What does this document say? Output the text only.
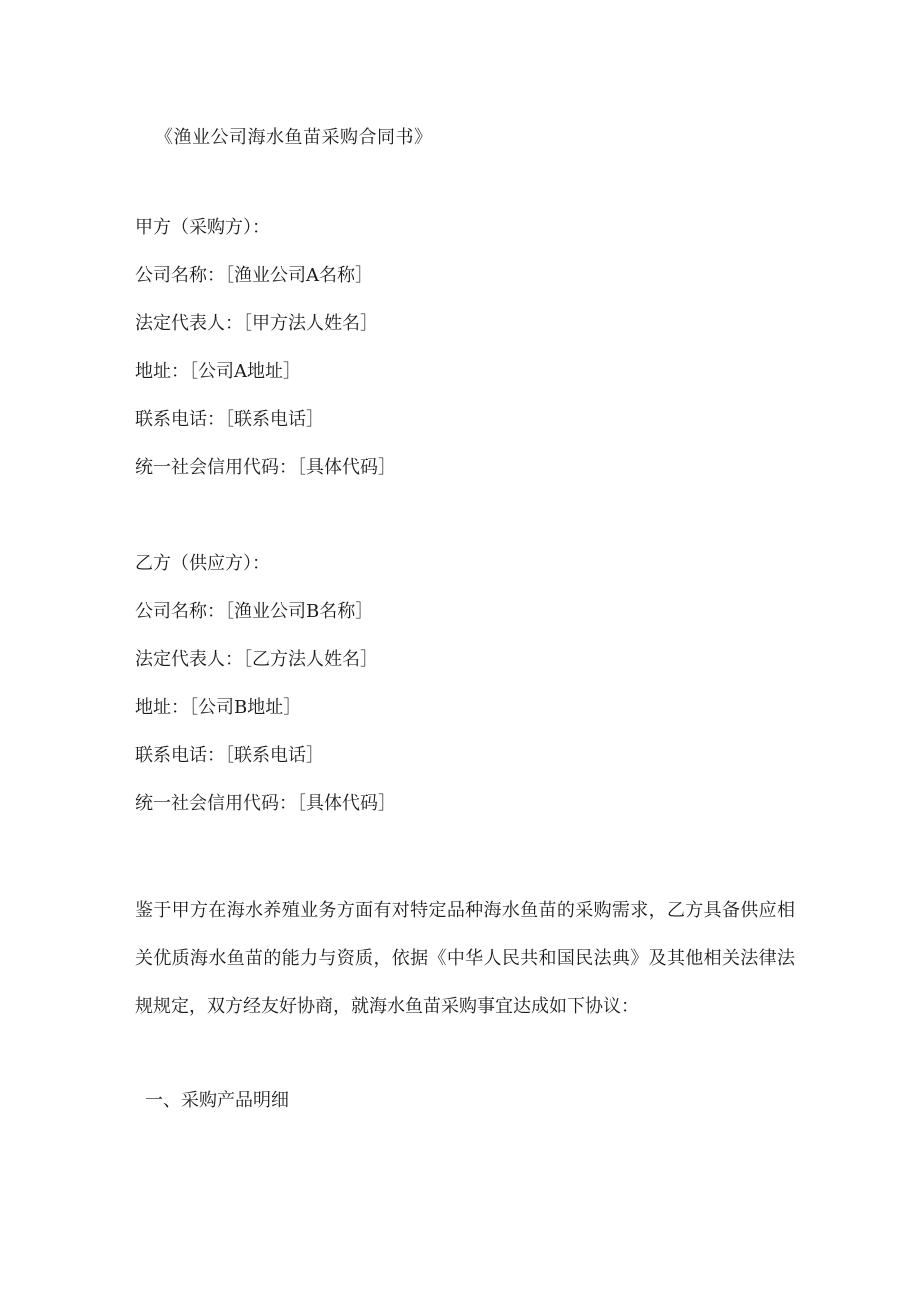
《渔业公司海水鱼苗采购合同书》
甲方（采购方）：
公司名称：［渔业公司A名称］
法定代表人：［甲方法人姓名］
地址：［公司A地址］
联系电话：［联系电话］
统一社会信用代码：［具体代码］
乙方（供应方）：
公司名称：［渔业公司B名称］
法定代表人：［乙方法人姓名］
地址：［公司B地址］
联系电话：［联系电话］
统一社会信用代码：［具体代码］
鉴于甲方在海水养殖业务方面有对特定品种海水鱼苗的采购需求，乙方具备供应相关优质海水鱼苗的能力与资质，依据《中华人民共和国民法典》及其他相关法律法规规定，双方经友好协商，就海水鱼苗采购事宜达成如下协议：
一、采购产品明细
